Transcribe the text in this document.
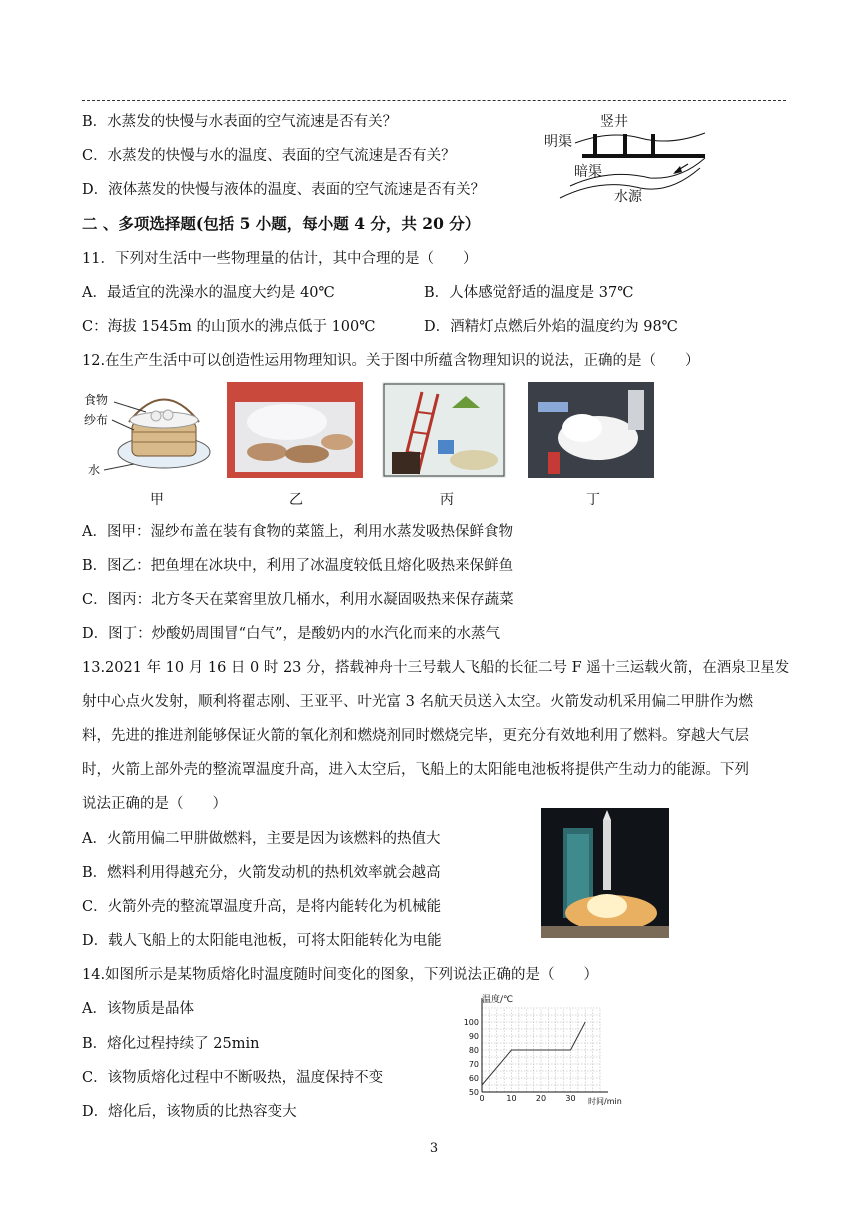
B．水蒸发的快慢与水表面的空气流速是否有关？
C．水蒸发的快慢与水的温度、表面的空气流速是否有关？
D．液体蒸发的快慢与液体的温度、表面的空气流速是否有关？
竖井
明渠
暗渠
水源
二 、多项选择题(包括 5 小题，每小题 4 分，共 20 分）
11．下列对生活中一些物理量的估计，其中合理的是（　　）
A．最适宜的洗澡水的温度大约是 40℃	B．人体感觉舒适的温度是 37℃
C：海拔 1545m 的山顶水的沸点低于 100℃	D．酒精灯点燃后外焰的温度约为 98℃
12.在生产生活中可以创造性运用物理知识。关于图中所蕴含物理知识的说法，正确的是（　　）
食物
纱布
水
甲	乙	丙	丁
A．图甲：湿纱布盖在装有食物的菜篮上，利用水蒸发吸热保鲜食物
B．图乙：把鱼埋在冰块中，利用了冰温度较低且熔化吸热来保鲜鱼
C．图丙：北方冬天在菜窖里放几桶水，利用水凝固吸热来保存蔬菜
D．图丁：炒酸奶周围冒“白气”，是酸奶内的水汽化而来的水蒸气
13.2021 年 10 月 16 日 0 时 23 分，搭载神舟十三号载人飞船的长征二号 F 遥十三运载火箭，在酒泉卫星发
射中心点火发射，顺利将翟志刚、王亚平、叶光富 3 名航天员送入太空。火箭发动机采用偏二甲肼作为燃
料，先进的推进剂能够保证火箭的氧化剂和燃烧剂同时燃烧完毕，更充分有效地利用了燃料。穿越大气层
时，火箭上部外壳的整流罩温度升高，进入太空后，飞船上的太阳能电池板将提供产生动力的能源。下列
说法正确的是（　　）
A．火箭用偏二甲肼做燃料，主要是因为该燃料的热值大
B．燃料利用得越充分，火箭发动机的热机效率就会越高
C．火箭外壳的整流罩温度升高，是将内能转化为机械能
D．载人飞船上的太阳能电池板，可将太阳能转化为电能
14.如图所示是某物质熔化时温度随时间变化的图象，下列说法正确的是（　　）
A．该物质是晶体
B．熔化过程持续了 25min
C．该物质熔化过程中不断吸热，温度保持不变
D．熔化后，该物质的比热容变大
0	10 20 30
50
60
70
80
90
100
温度/℃
时间/min
3
